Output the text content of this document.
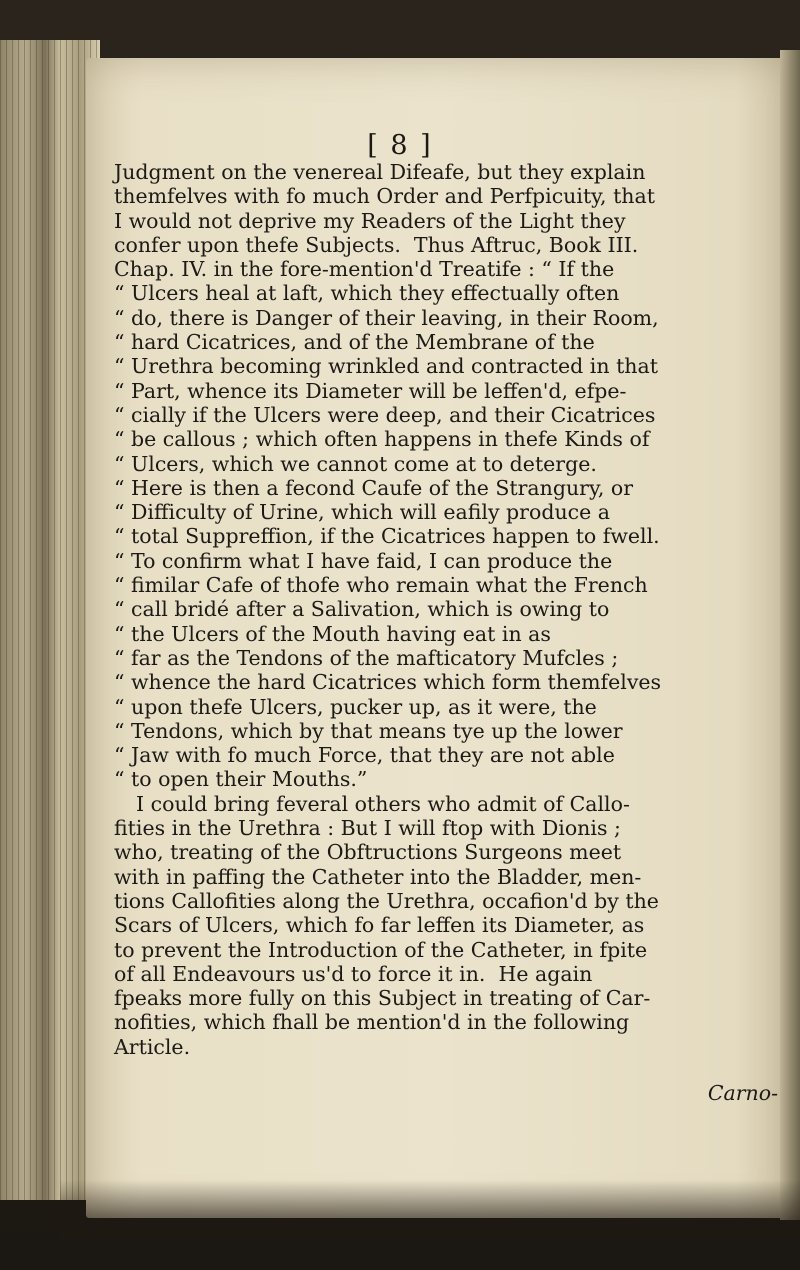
[ 8 ]
Judgment on the venereal Difeafe, but they explain
themfelves with fo much Order and Perfpicuity, that
I would not deprive my Readers of the Light they
confer upon thefe Subjects.  Thus Aftruc, Book III.
Chap. IV. in the fore-mention'd Treatife : “ If the
“ Ulcers heal at laft, which they effectually often
“ do, there is Danger of their leaving, in their Room,
“ hard Cicatrices, and of the Membrane of the
“ Urethra becoming wrinkled and contracted in that
“ Part, whence its Diameter will be leffen'd, efpe-
“ cially if the Ulcers were deep, and their Cicatrices
“ be callous ; which often happens in thefe Kinds of
“ Ulcers, which we cannot come at to deterge.
“ Here is then a fecond Caufe of the Strangury, or
“ Difficulty of Urine, which will eafily produce a
“ total Suppreffion, if the Cicatrices happen to fwell.
“ To confirm what I have faid, I can produce the
“ fimilar Cafe of thofe who remain what the French
“ call bridé after a Salivation, which is owing to
“ the Ulcers of the Mouth having eat in as
“ far as the Tendons of the mafticatory Mufcles ;
“ whence the hard Cicatrices which form themfelves
“ upon thefe Ulcers, pucker up, as it were, the
“ Tendons, which by that means tye up the lower
“ Jaw with fo much Force, that they are not able
“ to open their Mouths.”
I could bring feveral others who admit of Callo-
fities in the Urethra : But I will ftop with Dionis ;
who, treating of the Obftructions Surgeons meet
with in paffing the Catheter into the Bladder, men-
tions Callofities along the Urethra, occafion'd by the
Scars of Ulcers, which fo far leffen its Diameter, as
to prevent the Introduction of the Catheter, in fpite
of all Endeavours us'd to force it in.  He again
fpeaks more fully on this Subject in treating of Car-
nofities, which fhall be mention'd in the following
Article.
Carno-
